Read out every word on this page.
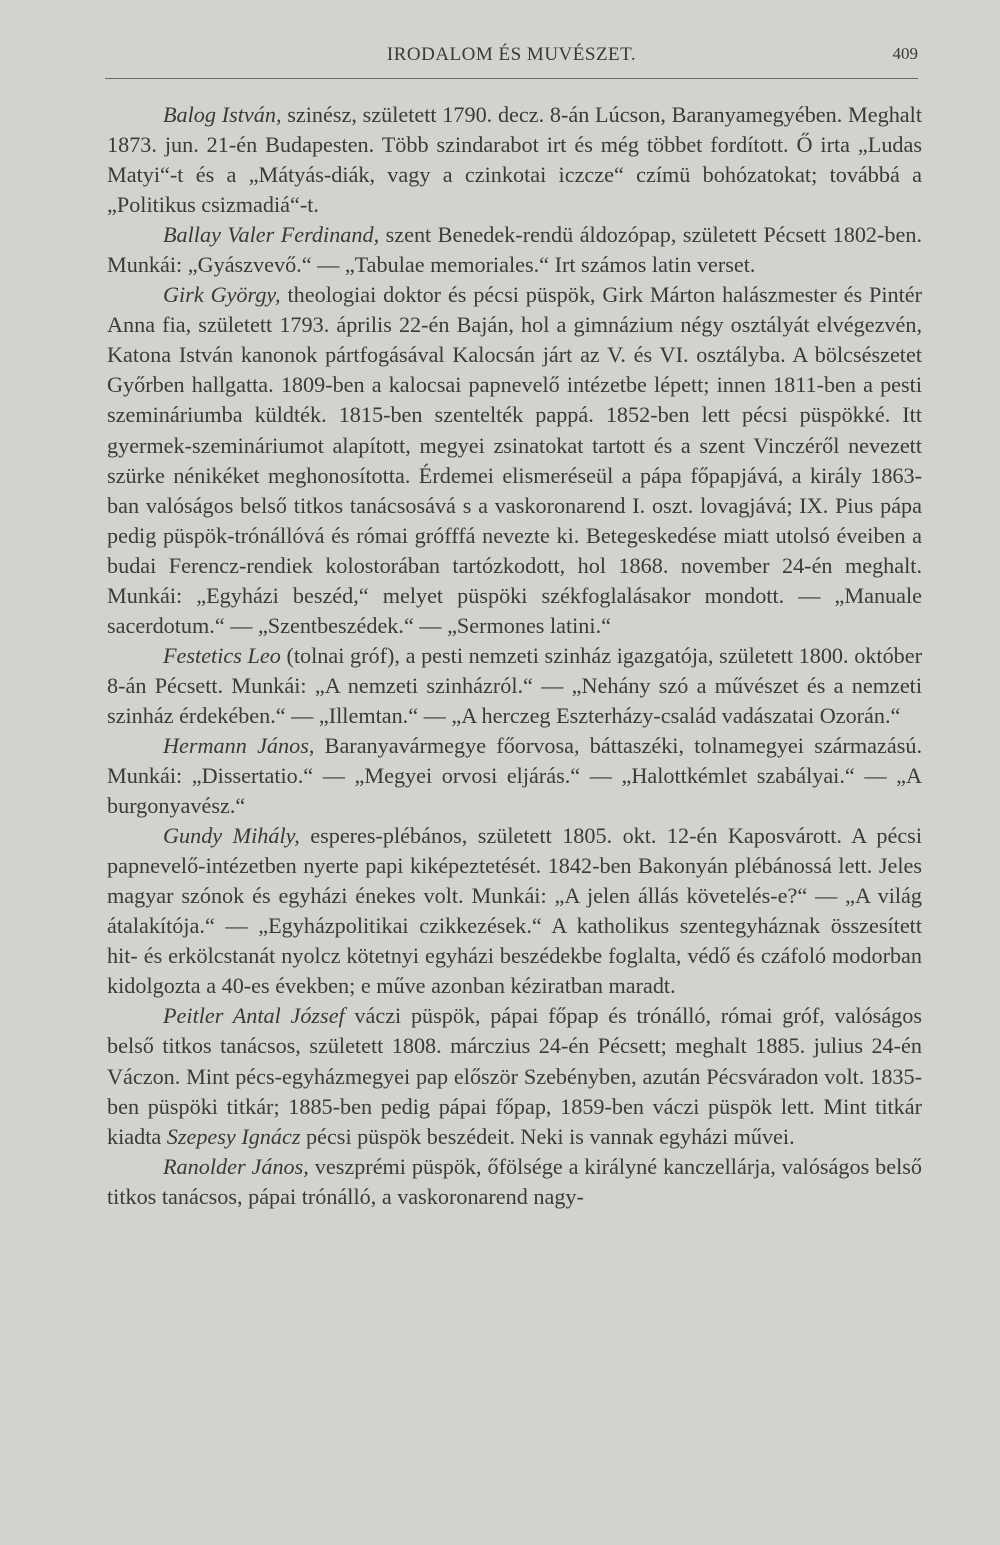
IRODALOM ÉS MUVÉSZET.	409

Balog István, szinész, született 1790. decz. 8-án Lúcson, Baranyamegyében. Meghalt 1873. jun. 21-én Budapesten. Több szindarabot irt és még többet fordított. Ő irta „Ludas Matyi“-t és a „Mátyás-diák, vagy a czinkotai iczcze“ czímü bohózatokat; továbbá a „Politikus csizmadiá“-t.

Ballay Valer Ferdinand, szent Benedek-rendü áldozópap, született Pécsett 1802-ben. Munkái: „Gyászvevő.“ — „Tabulae memoriales.“ Irt számos latin verset.

Girk György, theologiai doktor és pécsi püspök, Girk Márton halászmester és Pintér Anna fia, született 1793. április 22-én Baján, hol a gimnázium négy osztályát elvégezvén, Katona István kanonok pártfogásával Kalocsán járt az V. és VI. osztályba. A bölcsészetet Győrben hallgatta. 1809-ben a kalocsai papnevelő intézetbe lépett; innen 1811-ben a pesti szemináriumba küldték. 1815-ben szentelték pappá. 1852-ben lett pécsi püspökké. Itt gyermek-szemináriumot alapított, megyei zsinatokat tartott és a szent Vinczéről nevezett szürke nénikéket meghonosította. Érdemei elismeréseül a pápa főpapjává, a király 1863-ban valóságos belső titkos tanácsosává s a vaskoronarend I. oszt. lovagjává; IX. Pius pápa pedig püspök-trónállóvá és római grófffá nevezte ki. Betegeskedése miatt utolsó éveiben a budai Ferencz-rendiek kolostorában tartózkodott, hol 1868. november 24-én meghalt. Munkái: „Egyházi beszéd,“ melyet püspöki székfoglalásakor mondott. — „Manuale sacerdotum.“ — „Szentbeszédek.“ — „Sermones latini.“

Festetics Leo (tolnai gróf), a pesti nemzeti szinház igazgatója, született 1800. október 8-án Pécsett. Munkái: „A nemzeti szinházról.“ — „Nehány szó a művészet és a nemzeti szinház érdekében.“ — „Illemtan.“ — „A herczeg Eszterházy-család vadászatai Ozorán.“

Hermann János, Baranyavármegye főorvosa, báttaszéki, tolnamegyei származású. Munkái: „Dissertatio.“ — „Megyei orvosi eljárás.“ — „Halottkémlet szabályai.“ — „A burgonyavész.“

Gundy Mihály, esperes-plébános, született 1805. okt. 12-én Kaposvárott. A pécsi papnevelő-intézetben nyerte papi kiképeztetését. 1842-ben Bakonyán plébánossá lett. Jeles magyar szónok és egyházi énekes volt. Munkái: „A jelen állás követelés-e?“ — „A világ átalakítója.“ — „Egyházpolitikai czikkezések.“ A katholikus szentegyháznak összesített hit- és erkölcstanát nyolcz kötetnyi egyházi beszédekbe foglalta, védő és czáfoló modorban kidolgozta a 40-es években; e műve azonban kéziratban maradt.

Peitler Antal József váczi püspök, pápai főpap és trónálló, római gróf, valóságos belső titkos tanácsos, született 1808. márczius 24-én Pécsett; meghalt 1885. julius 24-én Váczon. Mint pécs-egyházmegyei pap először Szebényben, azután Pécsváradon volt. 1835-ben püspöki titkár; 1885-ben pedig pápai főpap, 1859-ben váczi püspök lett. Mint titkár kiadta Szepesy Ignácz pécsi püspök beszédeit. Neki is vannak egyházi művei.

Ranolder János, veszprémi püspök, őfölsége a királyné kanczellárja, valóságos belső titkos tanácsos, pápai trónálló, a vaskoronarend nagy-
